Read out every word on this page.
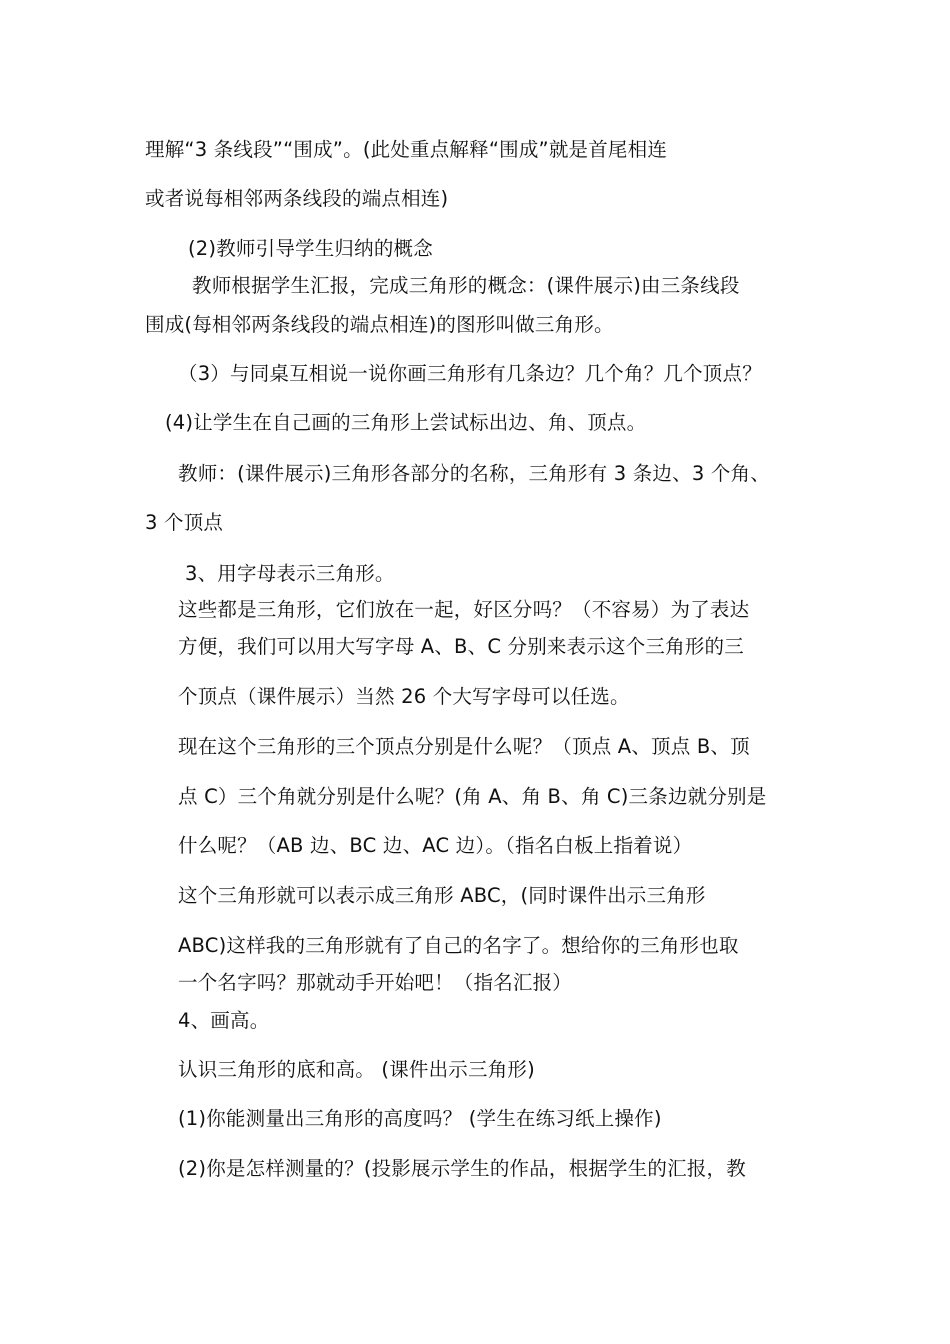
理解“3 条线段”“围成”。(此处重点解释“围成”就是首尾相连
或者说每相邻两条线段的端点相连)
(2)教师引导学生归纳的概念
教师根据学生汇报，完成三角形的概念：(课件展示)由三条线段
围成(每相邻两条线段的端点相连)的图形叫做三角形。
（3）与同桌互相说一说你画三角形有几条边？几个角？几个顶点？
(4)让学生在自己画的三角形上尝试标出边、角、顶点。
教师：(课件展示)三角形各部分的名称，三角形有 3 条边、3 个角、
3 个顶点
3、用字母表示三角形。
这些都是三角形，它们放在一起，好区分吗？（不容易）为了表达
方便，我们可以用大写字母 A、B、C 分别来表示这个三角形的三
个顶点（课件展示）当然 26 个大写字母可以任选。
现在这个三角形的三个顶点分别是什么呢？（顶点 A、顶点 B、顶
点 C）三个角就分别是什么呢？(角 A、角 B、角 C)三条边就分别是
什么呢？（AB 边、BC 边、AC 边）。（指名白板上指着说）
这个三角形就可以表示成三角形 ABC，(同时课件出示三角形
ABC)这样我的三角形就有了自己的名字了。想给你的三角形也取
一个名字吗？那就动手开始吧！（指名汇报）
4、画高。
认识三角形的底和高。 (课件出示三角形)
(1)你能测量出三角形的高度吗？ (学生在练习纸上操作)
(2)你是怎样测量的？(投影展示学生的作品，根据学生的汇报，教
